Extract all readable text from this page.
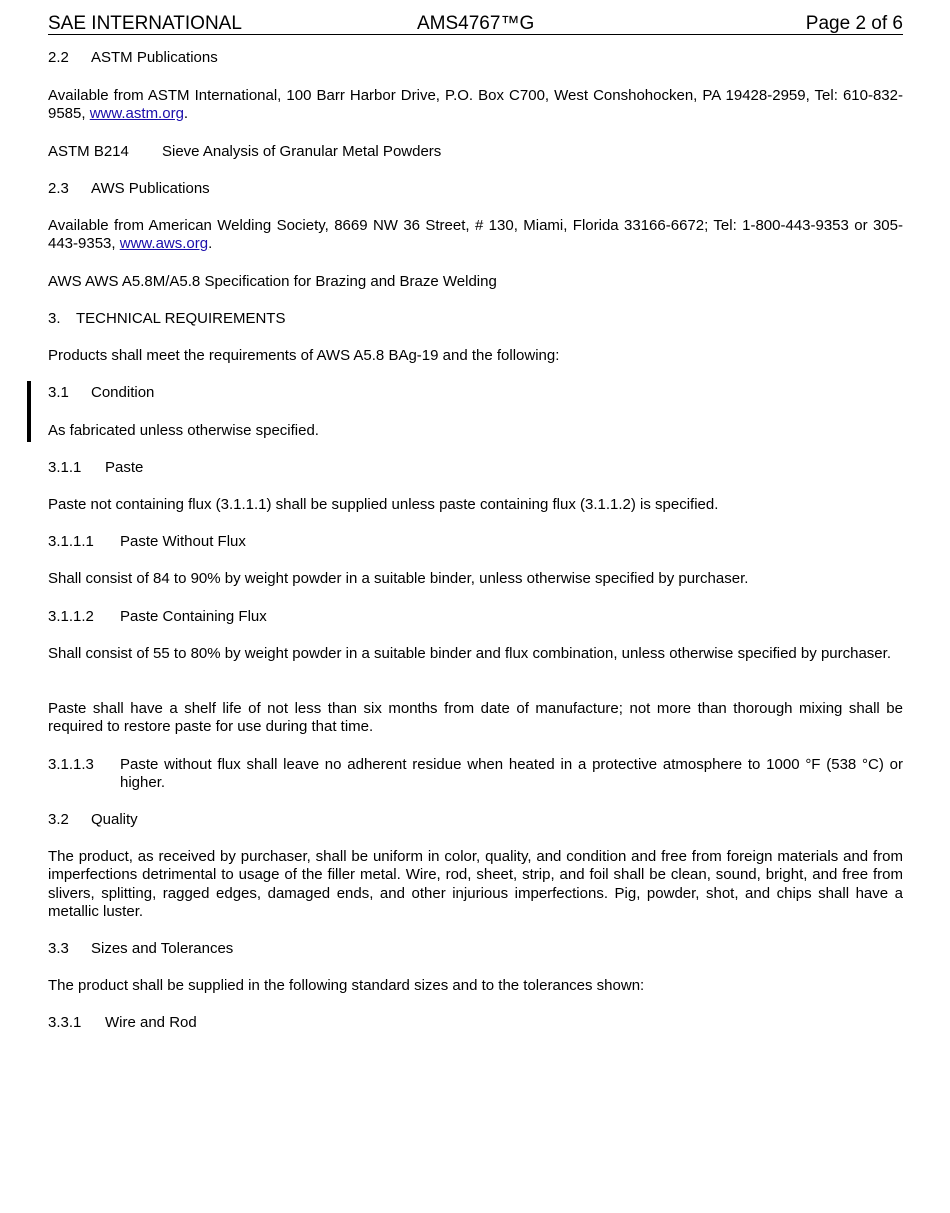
SAE INTERNATIONAL	AMS4767™G	Page 2 of 6
2.2 ASTM Publications
Available from ASTM International, 100 Barr Harbor Drive, P.O. Box C700, West Conshohocken, PA 19428-2959, Tel: 610-832-9585, www.astm.org.
ASTM B214 Sieve Analysis of Granular Metal Powders
2.3 AWS Publications
Available from American Welding Society, 8669 NW 36 Street, # 130, Miami, Florida 33166-6672; Tel: 1-800-443-9353 or 305-443-9353, www.aws.org.
AWS AWS A5.8M/A5.8 Specification for Brazing and Braze Welding
3. TECHNICAL REQUIREMENTS
Products shall meet the requirements of AWS A5.8 BAg-19 and the following:
3.1 Condition
As fabricated unless otherwise specified.
3.1.1 Paste
Paste not containing flux (3.1.1.1) shall be supplied unless paste containing flux (3.1.1.2) is specified.
3.1.1.1 Paste Without Flux
Shall consist of 84 to 90% by weight powder in a suitable binder, unless otherwise specified by purchaser.
3.1.1.2 Paste Containing Flux
Shall consist of 55 to 80% by weight powder in a suitable binder and flux combination, unless otherwise specified by purchaser.
Paste shall have a shelf life of not less than six months from date of manufacture; not more than thorough mixing shall be required to restore paste for use during that time.
3.1.1.3 Paste without flux shall leave no adherent residue when heated in a protective atmosphere to 1000 °F (538 °C) or higher.
3.2 Quality
The product, as received by purchaser, shall be uniform in color, quality, and condition and free from foreign materials and from imperfections detrimental to usage of the filler metal. Wire, rod, sheet, strip, and foil shall be clean, sound, bright, and free from slivers, splitting, ragged edges, damaged ends, and other injurious imperfections. Pig, powder, shot, and chips shall have a metallic luster.
3.3 Sizes and Tolerances
The product shall be supplied in the following standard sizes and to the tolerances shown:
3.3.1 Wire and Rod
